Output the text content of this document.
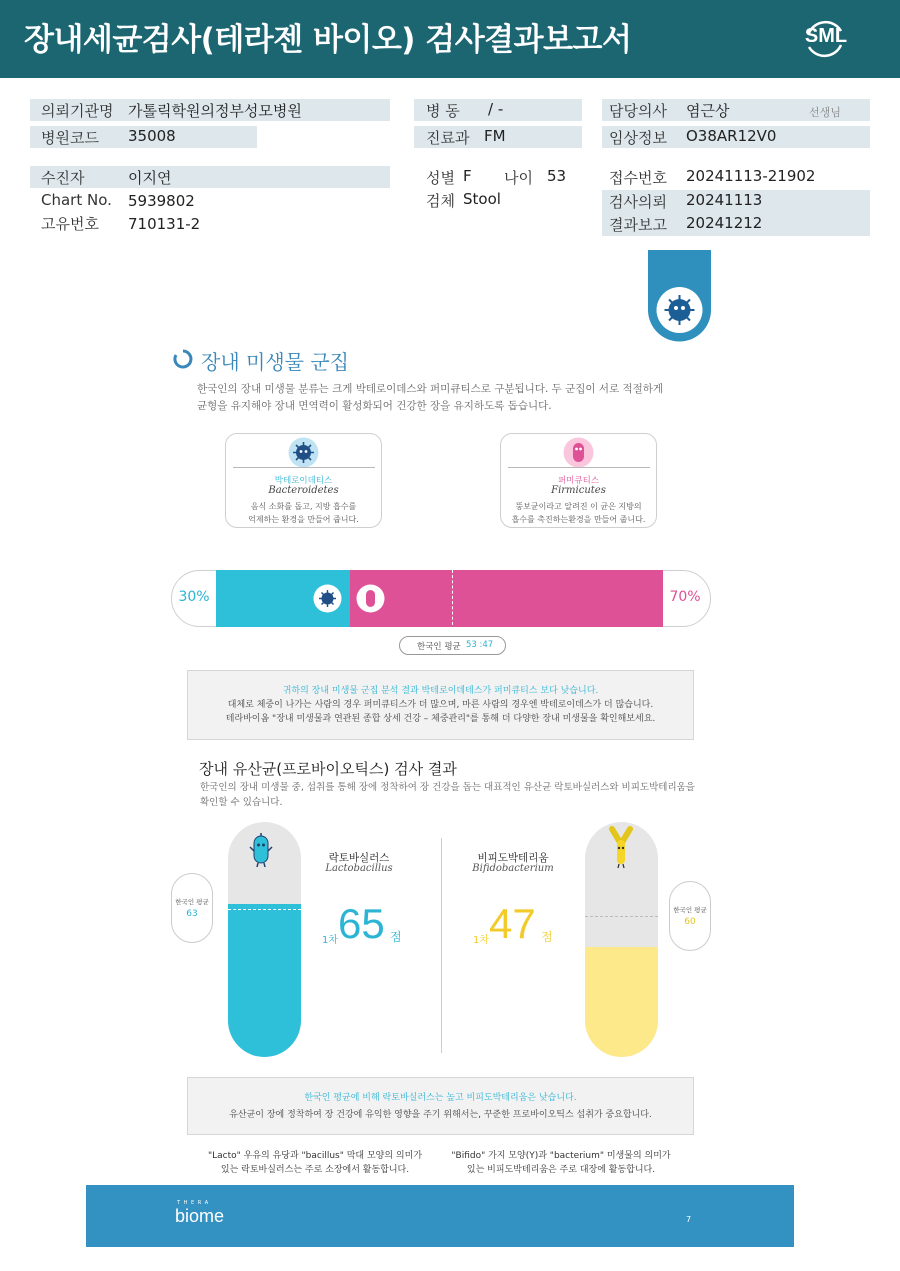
장내세균검사(테라젠 바이오) 검사결과보고서	SML
의뢰기관명 가톨릭학원의정부성모병원
병원코드 35008
수진자	이지연
Chart No. 5939802
고유번호 710131-2
병 동 / -
진료과 FM
성별 F 나이 53
검체 Stool
담당의사 염근상	선생님
임상정보 O38AR12V0
접수번호 20241113-21902
검사의뢰 20241113
결과보고 20241212
장내 미생물 군집
한국인의 장내 미생물 분류는 크게 박테로이데스와 퍼미큐티스로 구분됩니다. 두 군집이 서로 적절하게
균형을 유지해야 장내 면역력이 활성화되어 건강한 장을 유지하도록 돕습니다.
박테로이데티스
Bacteroidetes
음식 소화를 돕고, 지방 흡수를
억제하는 환경을 만들어 줍니다.
퍼미큐티스
Firmicutes
뚱보균이라고 알려진 이 균은 지방의
흡수를 촉진하는환경을 만들어 줍니다.
30%	70%
한국인 평균 53 :47
귀하의 장내 미생물 군집 분석 결과 박테로이데테스가 퍼미큐티스 보다 낮습니다.
대체로 체중이 나가는 사람의 경우 퍼미큐티스가 더 많으며, 마른 사람의 경우엔 박테로이데스가 더 많습니다.
테라바이옴 "장내 미생물과 연관된 종합 상세 건강 – 체중관리"를 통해 더 다양한 장내 미생물을 확인해보세요.
장내 유산균(프로바이오틱스) 검사 결과
한국인의 장내 미생물 중, 섭취를 통해 장에 정착하여 장 건강을 돕는 대표적인 유산균 락토바실러스와 비피도박테리움을
확인할 수 있습니다.
한국인 평균
63
락토바실러스
Lactobacillus
1차 65 점
한국인 평균
60
비피도박테리움
Bifidobacterium
1차 47 점
한국인 평균에 비해 락토바실러스는 높고 비피도박테리움은 낮습니다.
유산균이 장에 정착하여 장 건강에 유익한 영향을 주기 위해서는, 꾸준한 프로바이오틱스 섭취가 중요합니다.
"Lacto" 우유의 유당과 "bacillus" 막대 모양의 의미가
있는 락토바실러스는 주로 소장에서 활동합니다.
"Bifido" 가지 모양(Y)과 "bacterium" 미생물의 의미가
있는 비피도박테리움은 주로 대장에 활동합니다.
T H E R A
biome	7
